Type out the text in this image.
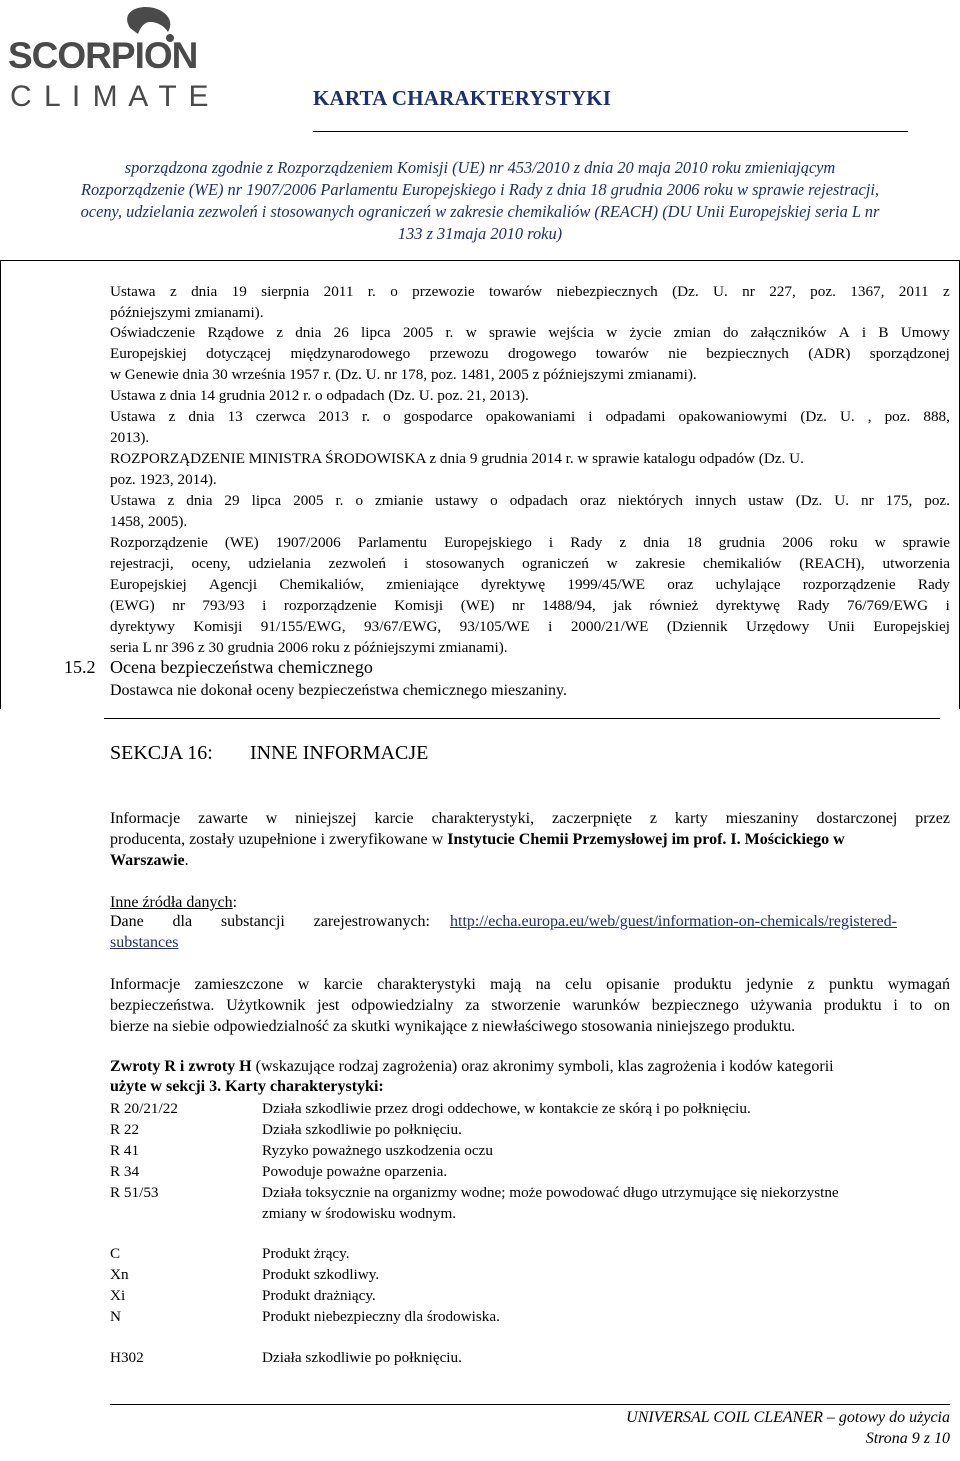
SCORPION
C L I M A T E	KARTA CHARAKTERYSTYKI
sporządzona zgodnie z Rozporządzeniem Komisji (UE) nr 453/2010 z dnia 20 maja 2010 roku zmieniającym
Rozporządzenie (WE) nr 1907/2006 Parlamentu Europejskiego i Rady z dnia 18 grudnia 2006 roku w sprawie rejestracji,
oceny, udzielania zezwoleń i stosowanych ograniczeń w zakresie chemikaliów (REACH) (DU Unii Europejskiej seria L nr
133 z 31maja 2010 roku)
Ustawa z dnia 19 sierpnia 2011 r. o przewozie towarów niebezpiecznych (Dz. U. nr 227, poz. 1367, 2011 z
późniejszymi zmianami).
Oświadczenie Rządowe z dnia 26 lipca 2005 r. w sprawie wejścia w życie zmian do załączników A i B Umowy
Europejskiej dotyczącej międzynarodowego przewozu drogowego towarów nie bezpiecznych (ADR) sporządzonej
w Genewie dnia 30 września 1957 r. (Dz. U. nr 178, poz. 1481, 2005 z późniejszymi zmianami).
Ustawa z dnia 14 grudnia 2012 r. o odpadach (Dz. U. poz. 21, 2013).
Ustawa z dnia 13 czerwca 2013 r. o gospodarce opakowaniami i odpadami opakowaniowymi (Dz. U. , poz. 888,
2013).
ROZPORZĄDZENIE MINISTRA ŚRODOWISKA z dnia 9 grudnia 2014 r. w sprawie katalogu odpadów (Dz. U.
poz. 1923, 2014).
Ustawa z dnia 29 lipca 2005 r. o zmianie ustawy o odpadach oraz niektórych innych ustaw (Dz. U. nr 175, poz.
1458, 2005).
Rozporządzenie (WE) 1907/2006 Parlamentu Europejskiego i Rady z dnia 18 grudnia 2006 roku w sprawie
rejestracji, oceny, udzielania zezwoleń i stosowanych ograniczeń w zakresie chemikaliów (REACH), utworzenia
Europejskiej Agencji Chemikaliów, zmieniające dyrektywę 1999/45/WE oraz uchylające rozporządzenie Rady
(EWG) nr 793/93 i rozporządzenie Komisji (WE) nr 1488/94, jak również dyrektywę Rady 76/769/EWG i
dyrektywy Komisji 91/155/EWG, 93/67/EWG, 93/105/WE i 2000/21/WE (Dziennik Urzędowy Unii Europejskiej
seria L nr 396 z 30 grudnia 2006 roku z późniejszymi zmianami).
15.2 Ocena bezpieczeństwa chemicznego
Dostawca nie dokonał oceny bezpieczeństwa chemicznego mieszaniny.
SEKCJA 16: INNE INFORMACJE
Informacje zawarte w niniejszej karcie charakterystyki, zaczerpnięte z karty mieszaniny dostarczonej przez
producenta, zostały uzupełnione i zweryfikowane w Instytucie Chemii Przemysłowej im prof. I. Mościckiego w
Warszawie.
Inne źródła danych:
Dane dla substancji zarejestrowanych: http://echa.europa.eu/web/guest/information-on-chemicals/registered-
substances
Informacje zamieszczone w karcie charakterystyki mają na celu opisanie produktu jedynie z punktu wymagań
bezpieczeństwa. Użytkownik jest odpowiedzialny za stworzenie warunków bezpiecznego używania produktu i to on
bierze na siebie odpowiedzialność za skutki wynikające z niewłaściwego stosowania niniejszego produktu.
Zwroty R i zwroty H (wskazujące rodzaj zagrożenia) oraz akronimy symboli, klas zagrożenia i kodów kategorii
użyte w sekcji 3. Karty charakterystyki:
R 20/21/22	Działa szkodliwie przez drogi oddechowe, w kontakcie ze skórą i po połknięciu.
R 22	Działa szkodliwie po połknięciu.
R 41	Ryzyko poważnego uszkodzenia oczu
R 34	Powoduje poważne oparzenia.
R 51/53	Działa toksycznie na organizmy wodne; może powodować długo utrzymujące się niekorzystne
zmiany w środowisku wodnym.
C	Produkt żrący.
Xn	Produkt szkodliwy.
Xi	Produkt drażniący.
N	Produkt niebezpieczny dla środowiska.
H302	Działa szkodliwie po połknięciu.
UNIVERSAL COIL CLEANER – gotowy do użycia
Strona 9 z 10
